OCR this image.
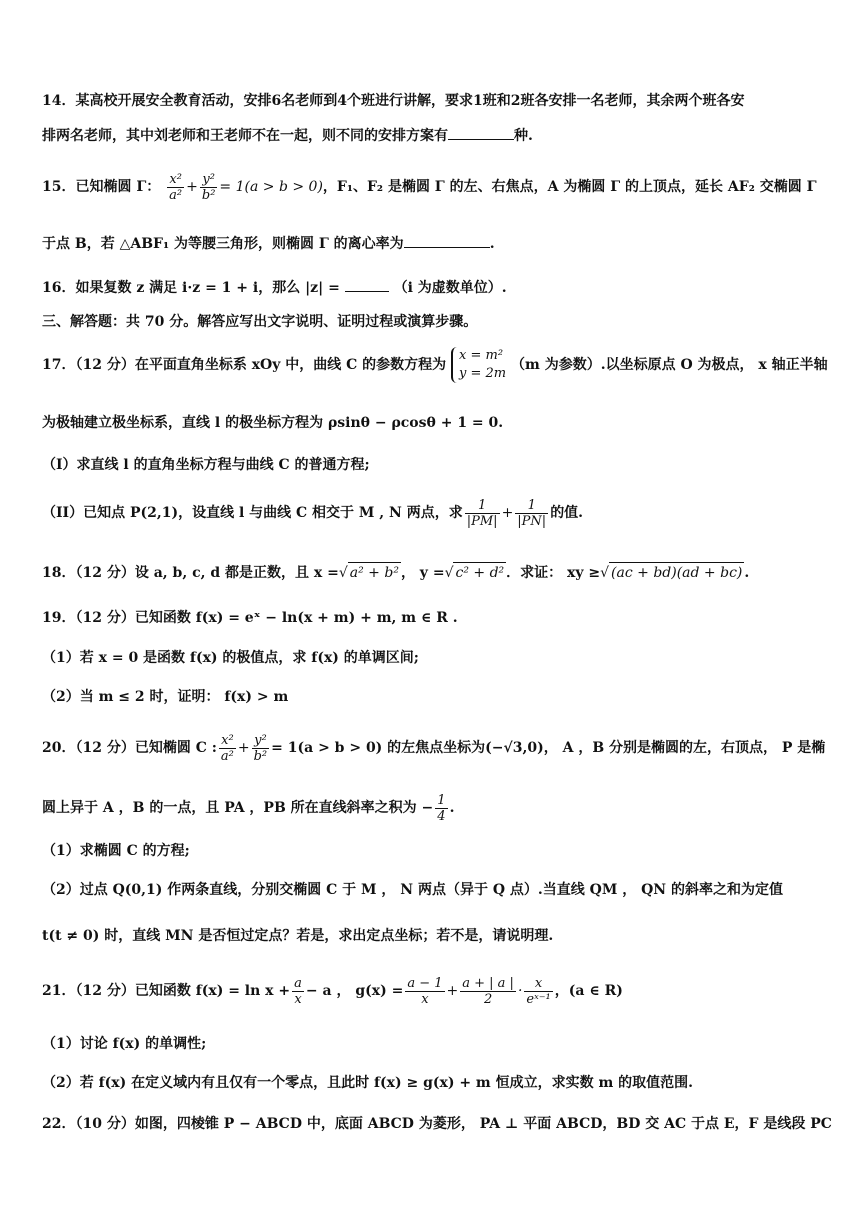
14．某高校开展安全教育活动，安排6名老师到4个班进行讲解，要求1班和2班各安排一名老师，其余两个班各安
排两名老师，其中刘老师和王老师不在一起，则不同的安排方案有	种.
15．已知椭圆 Γ： $\frac{\text{x²}}{\text{a²}} + \frac{\text{y²}}{\text{b²}} = 1(a > b > 0)$，F₁、F₂ 是椭圆 Γ 的左、右焦点，A 为椭圆 Γ 的上顶点，延长 AF₂ 交椭圆 Γ
于点 B，若 △ABF₁ 为等腰三角形，则椭圆 Γ 的离心率为	.
16．如果复数 z 满足 i·z = 1 + i，那么 |z| =	（i 为虚数单位）.
三、解答题：共 70 分。解答应写出文字说明、证明过程或演算步骤。
17．（12 分）在平面直角坐标系 xOy 中，曲线 C 的参数方程为
x = m²
y = 2m
（m 为参数）.以坐标原点 O 为极点， x 轴正半轴
为极轴建立极坐标系，直线 l 的极坐标方程为 ρsinθ − ρcosθ + 1 = 0.
（I）求直线 l 的直角坐标方程与曲线 C 的普通方程;
（II）已知点 P(2,1)，设直线 l 与曲线 C 相交于 M , N 两点，求 $\frac{1}{|PM|} + \frac{1}{|PN|}$ 的值.
18．（12 分）设 a, b, c, d 都是正数，且 x =√ a² + b² ， y =√ c² + d² ．求证： xy ≥√ (ac + bd)(ad + bc) .
19．（12 分）已知函数 f(x) = eˣ − ln(x + m) + m, m ∈ R .
（1）若 x = 0 是函数 f(x) 的极值点，求 f(x) 的单调区间;
（2）当 m ≤ 2 时，证明： f(x) > m
20．（12 分）已知椭圆 C : $\frac{\text{x²}}{\text{a²}} + \frac{\text{y²}}{\text{b²}} = 1(a > b > 0)$ 的左焦点坐标为(−√3,0)， A ，B 分别是椭圆的左，右顶点， P 是椭
圆上异于 A ，B 的一点，且 PA ，PB 所在直线斜率之积为 − $\frac{1}{4}$ .
（1）求椭圆 C 的方程;
（2）过点 Q(0,1) 作两条直线，分别交椭圆 C 于 M ， N 两点（异于 Q 点）.当直线 QM ， QN 的斜率之和为定值
t(t ≠ 0) 时，直线 MN 是否恒过定点？若是，求出定点坐标；若不是，请说明理.
21．（12 分）已知函数 $f(x) = \ln x + \frac{a}{x} - a$ ， $g(x) = \frac{a - 1}{x} + \frac{a + | a |}{2} \cdot \frac{x}{\text{eˣ⁻¹}}$ ，(a ∈ R)
（1）讨论 f(x) 的单调性;
（2）若 f(x) 在定义域内有且仅有一个零点，且此时 f(x) ≥ g(x) + m 恒成立，求实数 m 的取值范围.
22．（10 分）如图，四棱锥 P − ABCD 中，底面 ABCD 为菱形， PA ⊥ 平面 ABCD，BD 交 AC 于点 E，F 是线段 PC
